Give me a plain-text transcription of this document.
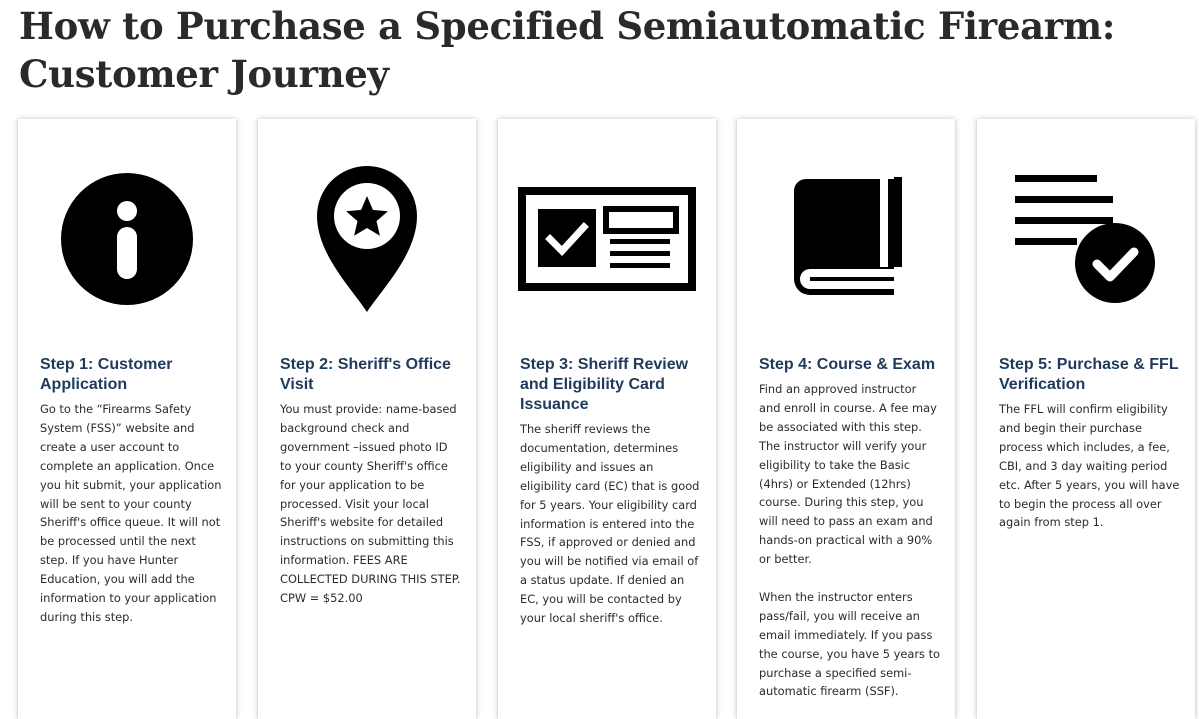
How to Purchase a Specified Semiautomatic Firearm: Customer Journey
Step 1: Customer Application

Go to the “Firearms Safety System (FSS)” website and create a user account to complete an application. Once you hit submit, your application will be sent to your county Sheriff's office queue. It will not be processed until the next step. If you have Hunter Education, you will add the information to your application during this step.

Step 2: Sheriff's Office Visit

You must provide: name-based background check and government –issued photo ID to your county Sheriff's office for your application to be processed. Visit your local Sheriff's website for detailed instructions on submitting this information. FEES ARE COLLECTED DURING THIS STEP. CPW = $52.00

Step 3: Sheriff Review and Eligibility Card Issuance

The sheriff reviews the documentation, determines eligibility and issues an eligibility card (EC) that is good for 5 years. Your eligibility card information is entered into the FSS, if approved or denied and you will be notified via email of a status update. If denied an EC, you will be contacted by your local sheriff's office.

Step 4: Course & Exam

Find an approved instructor and enroll in course. A fee may be associated with this step. The instructor will verify your eligibility to take the Basic (4hrs) or Extended (12hrs) course. During this step, you will need to pass an exam and hands-on practical with a 90% or better.

When the instructor enters pass/fail, you will receive an email immediately. If you pass the course, you have 5 years to purchase a specified semi-automatic firearm (SSF).

Step 5: Purchase & FFL Verification

The FFL will confirm eligibility and begin their purchase process which includes, a fee, CBI, and 3 day waiting period etc. After 5 years, you will have to begin the process all over again from step 1.
